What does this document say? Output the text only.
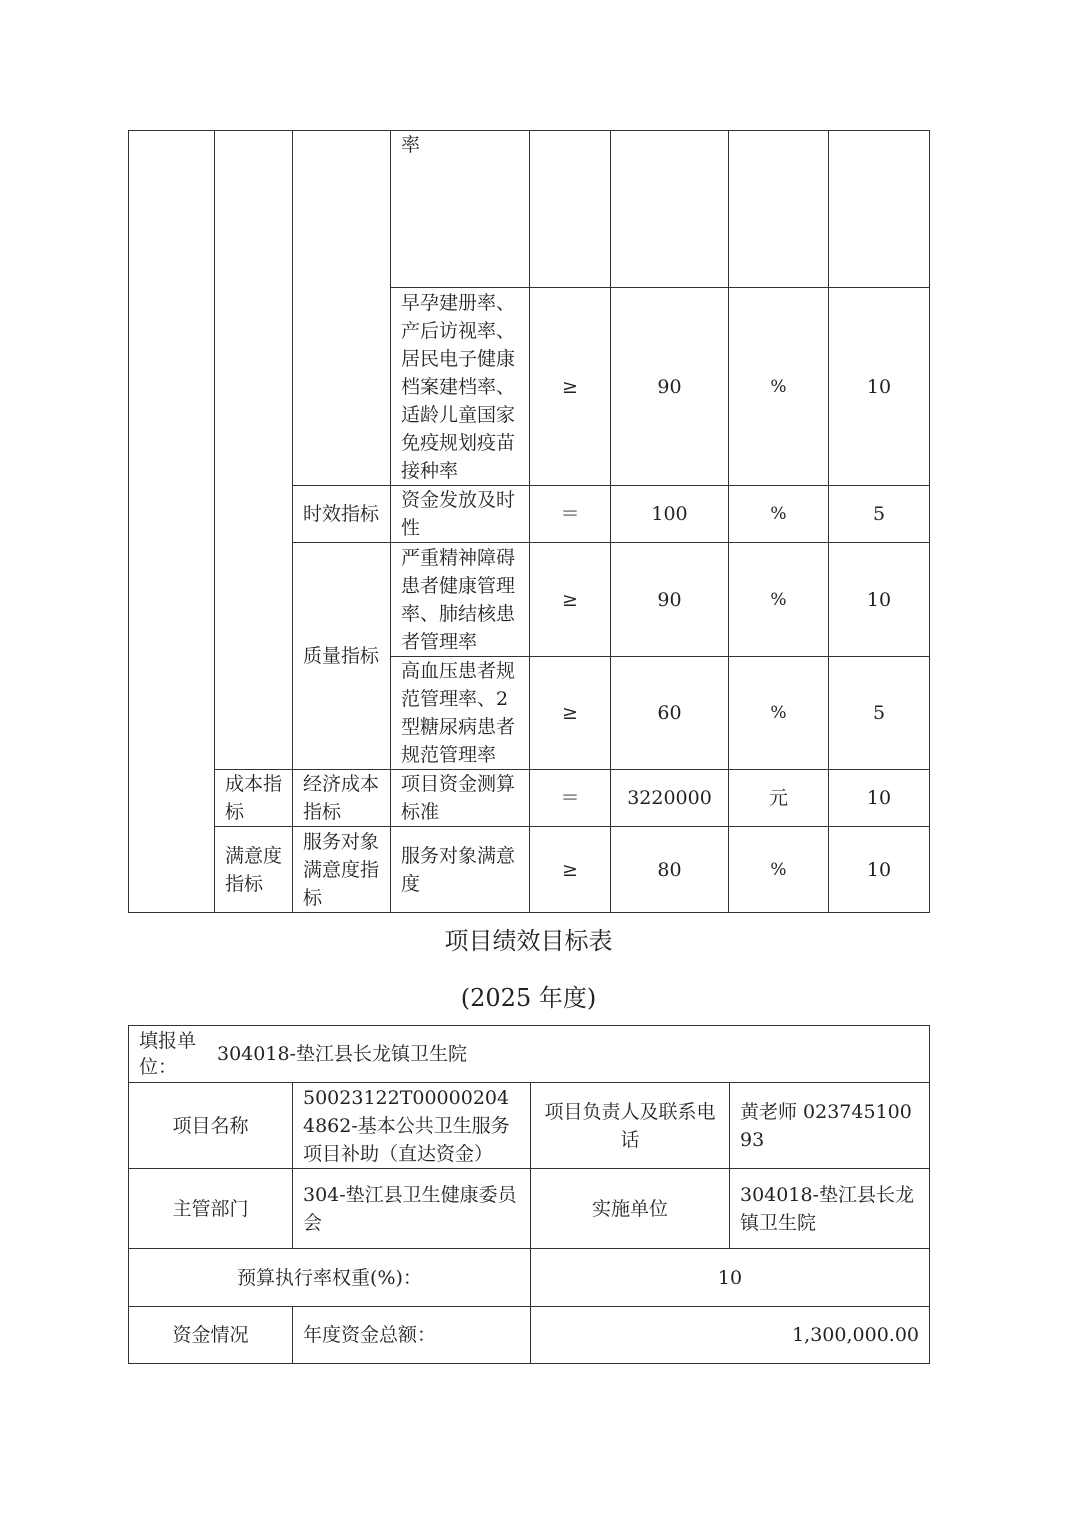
			率				
			早孕建册率、产后访视率、居民电子健康档案建档率、适龄儿童国家免疫规划疫苗接种率	≥	90	%	10
		时效指标	资金发放及时性	＝	100	%	5
		质量指标	严重精神障碍患者健康管理率、肺结核患者管理率	≥	90	%	10
			高血压患者规范管理率、2型糖尿病患者规范管理率	≥	60	%	5
	成本指标	经济成本指标	项目资金测算标准	＝	3220000	元	10
	满意度指标	服务对象满意度指标	服务对象满意度	≥	80	%	10
项目绩效目标表
(2025 年度)
填报单位：304018-垫江县长龙镇卫生院			
项目名称	50023122T000002044862-基本公共卫生服务项目补助（直达资金）	项目负责人及联系电话	黄老师 02374510093
主管部门	304-垫江县卫生健康委员会	实施单位	304018-垫江县长龙镇卫生院
预算执行率权重(%)：		10	
资金情况	年度资金总额：	1,300,000.00	
